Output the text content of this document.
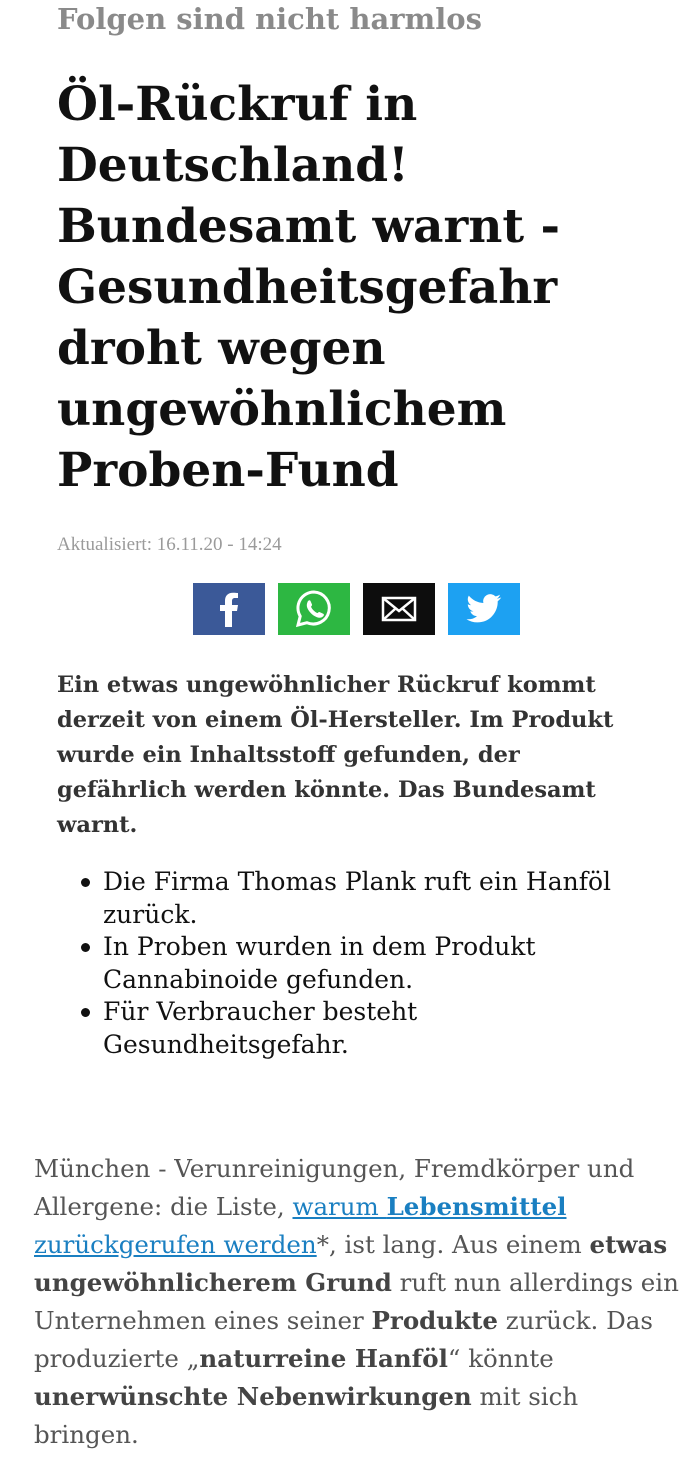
Folgen sind nicht harmlos
Öl-Rückruf in Deutschland! Bundesamt warnt - Gesundheitsgefahr droht wegen ungewöhnlichem Proben-Fund
Aktualisiert: 16.11.20 - 14:24

Ein etwas ungewöhnlicher Rückruf kommt derzeit von einem Öl-Hersteller. Im Produkt wurde ein Inhaltsstoff gefunden, der gefährlich werden könnte. Das Bundesamt warnt.

Die Firma Thomas Plank ruft ein Hanföl zurück.
In Proben wurden in dem Produkt Cannabinoide gefunden.
Für Verbraucher besteht Gesundheitsgefahr.

München - Verunreinigungen, Fremdkörper und Allergene: die Liste, warum Lebensmittel zurückgerufen werden*, ist lang. Aus einem etwas ungewöhnlicherem Grund ruft nun allerdings ein Unternehmen eines seiner Produkte zurück. Das produzierte „naturreine Hanföl“ könnte unerwünschte Nebenwirkungen mit sich bringen.
